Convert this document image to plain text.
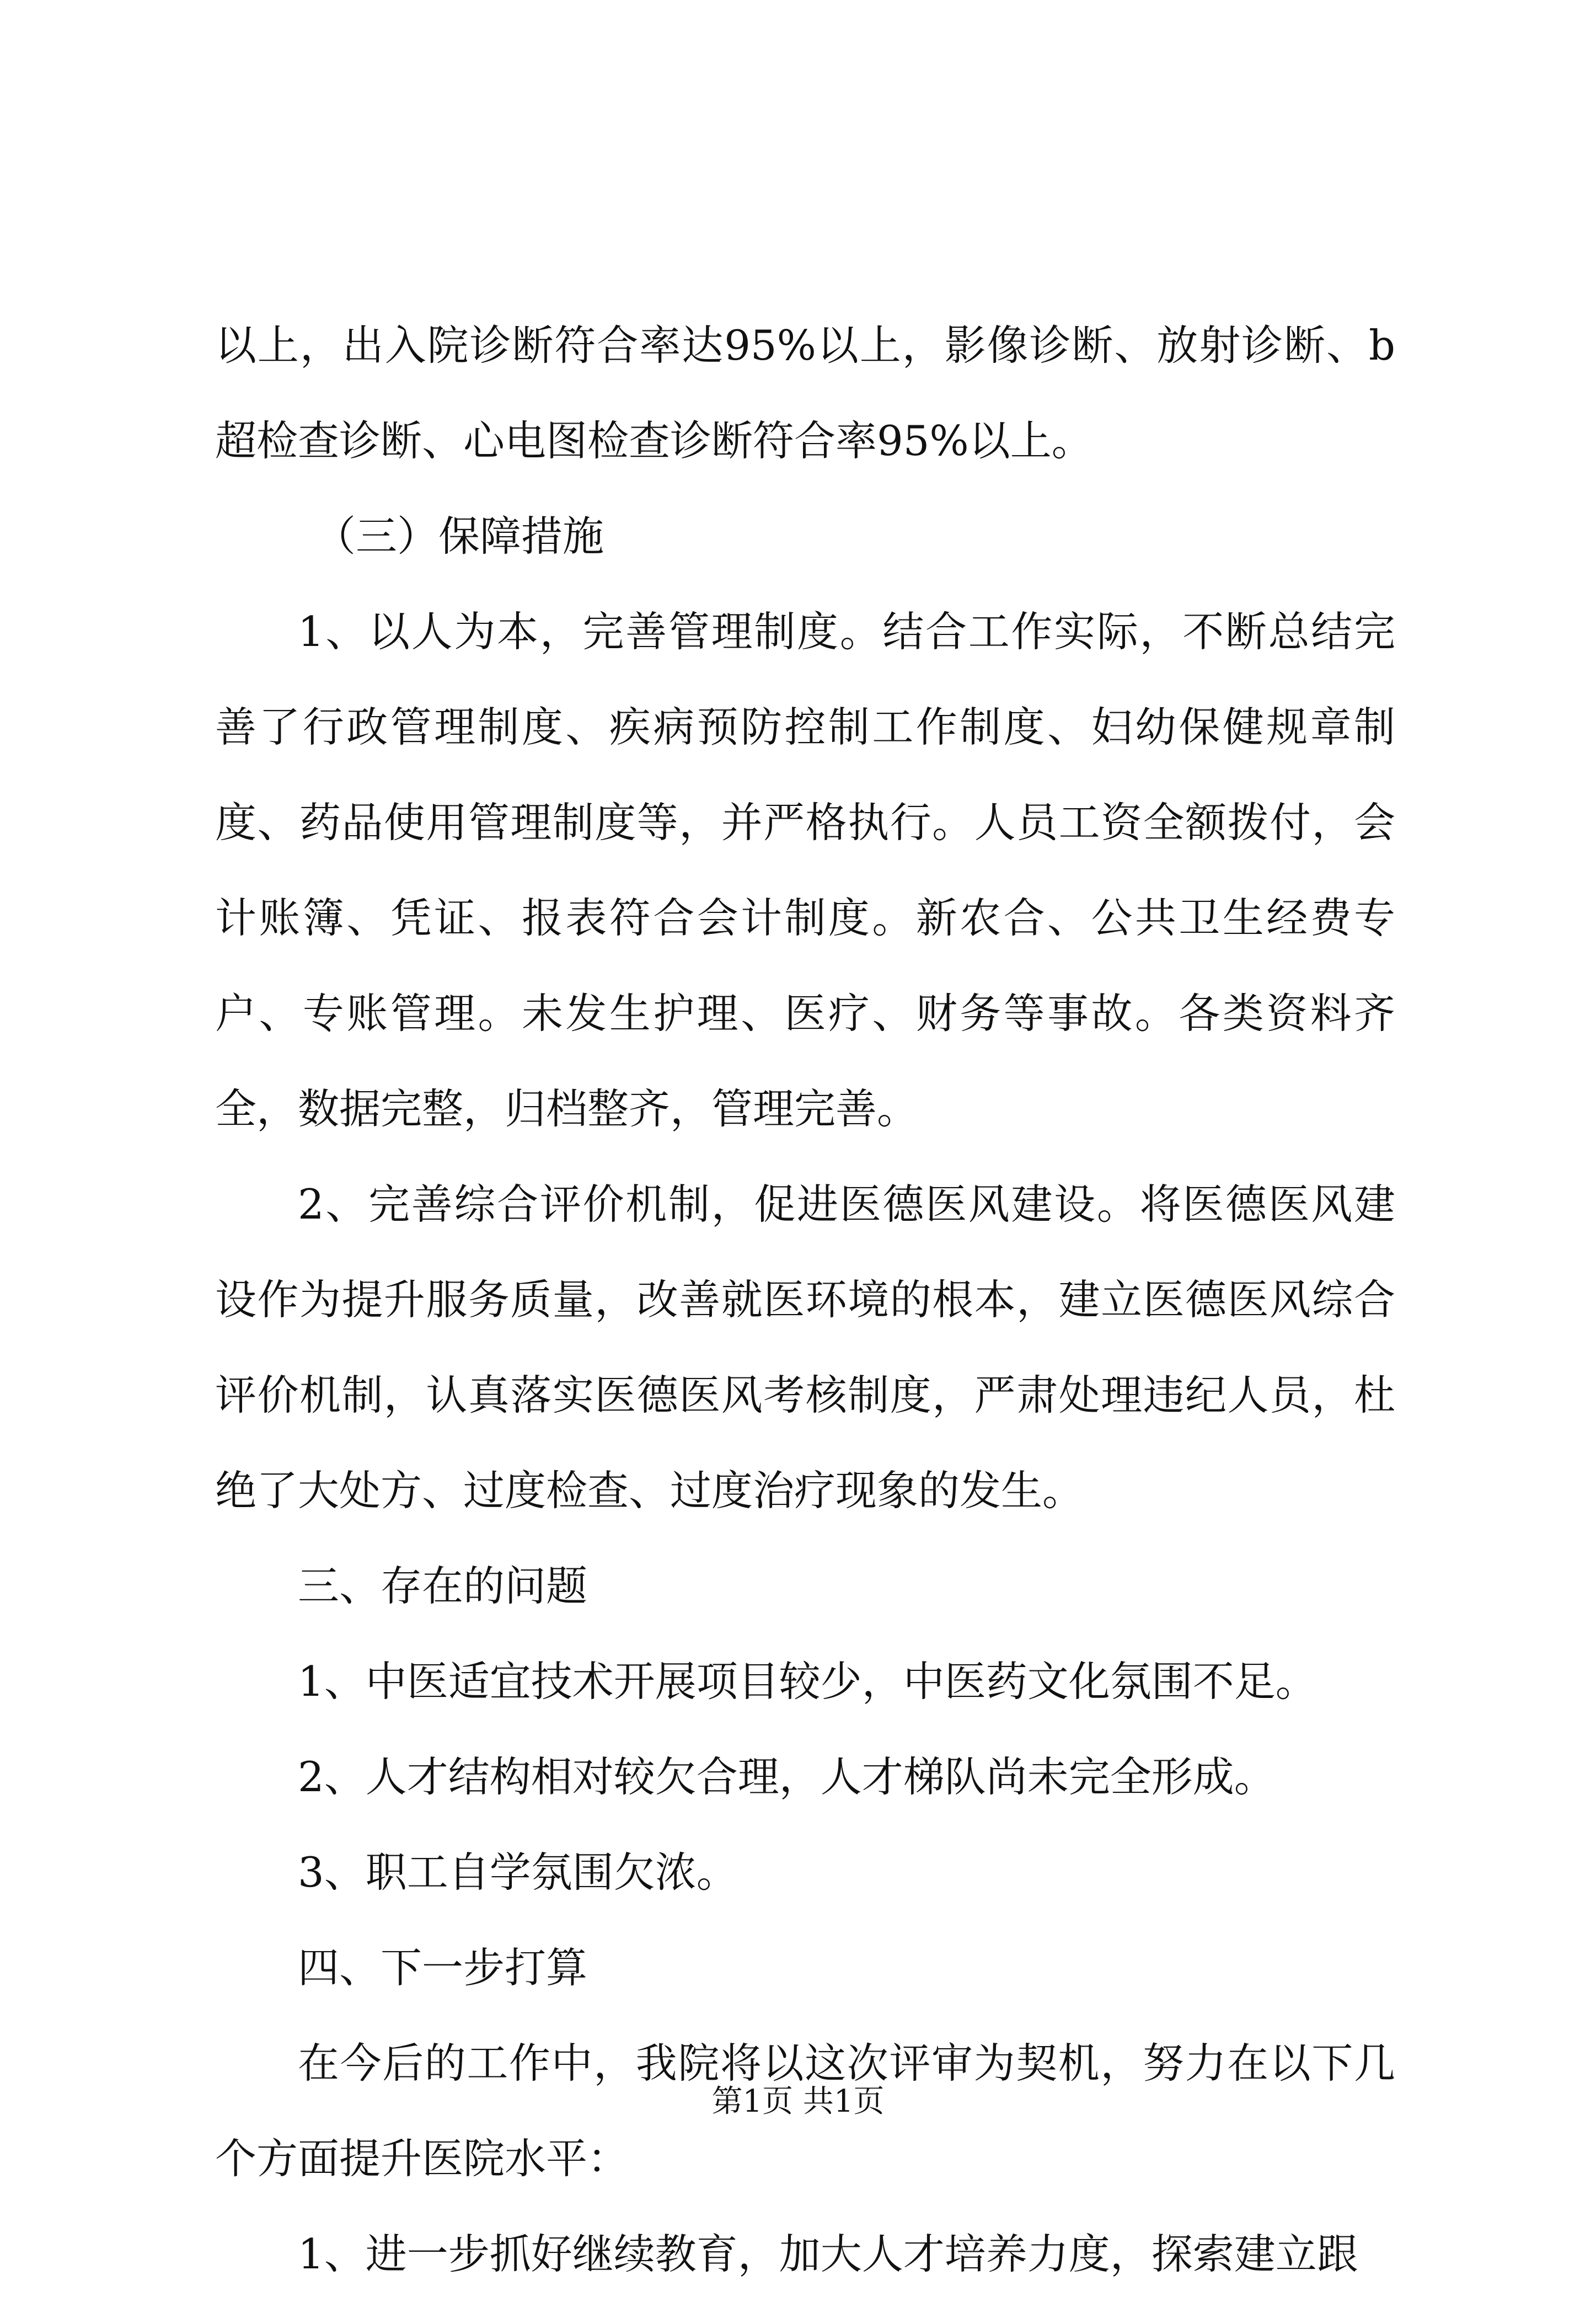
以上，出入院诊断符合率达95%以上，影像诊断、放射诊断、b超检查诊断、心电图检查诊断符合率95%以上。

（三）保障措施

1、以人为本，完善管理制度。结合工作实际，不断总结完善了行政管理制度、疾病预防控制工作制度、妇幼保健规章制度、药品使用管理制度等，并严格执行。人员工资全额拨付，会计账簿、凭证、报表符合会计制度。新农合、公共卫生经费专户、专账管理。未发生护理、医疗、财务等事故。各类资料齐全，数据完整，归档整齐，管理完善。

2、完善综合评价机制，促进医德医风建设。将医德医风建设作为提升服务质量，改善就医环境的根本，建立医德医风综合评价机制，认真落实医德医风考核制度，严肃处理违纪人员，杜绝了大处方、过度检查、过度治疗现象的发生。

三、存在的问题

1、中医适宜技术开展项目较少，中医药文化氛围不足。

2、人才结构相对较欠合理，人才梯队尚未完全形成。

3、职工自学氛围欠浓。

四、下一步打算

在今后的工作中，我院将以这次评审为契机，努力在以下几个方面提升医院水平：

1、进一步抓好继续教育，加大人才培养力度，探索建立跟

第1页 共1页
